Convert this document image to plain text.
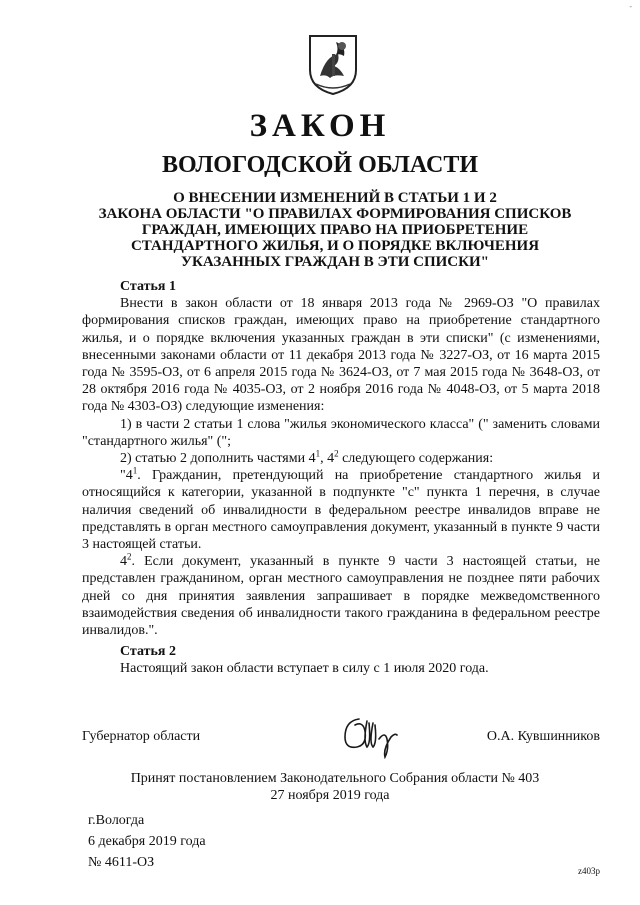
-
ЗАКОН
ВОЛОГОДСКОЙ ОБЛАСТИ
О ВНЕСЕНИИ ИЗМЕНЕНИЙ В СТАТЬИ 1 И 2
ЗАКОНА ОБЛАСТИ "О ПРАВИЛАХ ФОРМИРОВАНИЯ СПИСКОВ
ГРАЖДАН, ИМЕЮЩИХ ПРАВО НА ПРИОБРЕТЕНИЕ
СТАНДАРТНОГО ЖИЛЬЯ, И О ПОРЯДКЕ ВКЛЮЧЕНИЯ
УКАЗАННЫХ ГРАЖДАН В ЭТИ СПИСКИ"
Статья 1

Внести в закон области от 18 января 2013 года № 2969-ОЗ "О правилах формирования списков граждан, имеющих право на приобретение стандартного жилья, и о порядке включения указанных граждан в эти списки" (с изменениями, внесенными законами области от 11 декабря 2013 года № 3227-ОЗ, от 16 марта 2015 года № 3595-ОЗ, от 6 апреля 2015 года № 3624-ОЗ, от 7 мая 2015 года № 3648-ОЗ, от 28 октября 2016 года № 4035-ОЗ, от 2 ноября 2016 года № 4048-ОЗ, от 5 марта 2018 года № 4303-ОЗ) следующие изменения:

1) в части 2 статьи 1 слова "жилья экономического класса" (" заменить словами "стандартного жилья" (";

2) статью 2 дополнить частями $4^1$, $4^2$ следующего содержания:

"$4^1$. Гражданин, претендующий на приобретение стандартного жилья и относящийся к категории, указанной в подпункте "с" пункта 1 перечня, в случае наличия сведений об инвалидности в федеральном реестре инвалидов вправе не представлять в орган местного самоуправления документ, указанный в пункте 9 части 3 настоящей статьи.

$4^2$. Если документ, указанный в пункте 9 части 3 настоящей статьи, не представлен гражданином, орган местного самоуправления не позднее пяти рабочих дней со дня принятия заявления запрашивает в порядке межведомственного взаимодействия сведения об инвалидности такого гражданина в федеральном реестре инвалидов.".

Статья 2

Настоящий закон области вступает в силу с 1 июля 2020 года.

Губернатор области	О.А. Кувшинников
Принят постановлением Законодательного Собрания области № 403
27 ноября 2019 года
г.Вологда
6 декабря 2019 года
№ 4611-ОЗ
z403p
